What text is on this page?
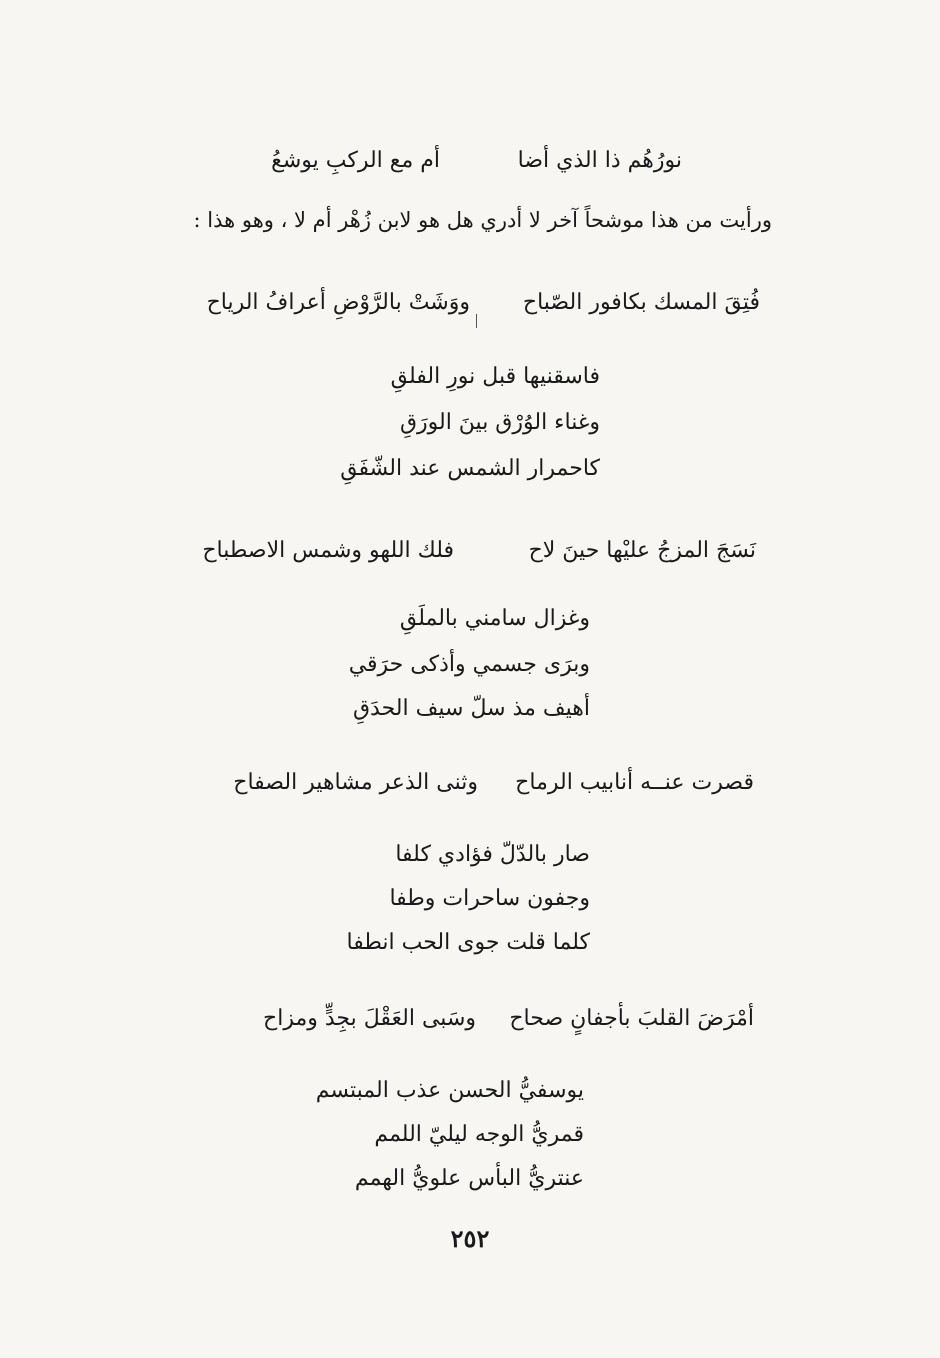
نورُهُم ذا الذي أضا
أم مع الركبِ يوشعُ
ورأيت من هذا موشحاً آخر لا أدري هل هو لابن زُهْر أم لا ، وهو هذا :
فُتِقَ المسك بكافور الصّباح
ووَشَتْ بالرَّوْضِ أعرافُ الرياح
فاسقنيها قبل نورِ الفلقِ
وغناء الوُرْق بينَ الورَقِ
كاحمرار الشمس عند الشّفَقِ
نَسَجَ المزجُ عليْها حينَ لاح
فلك اللهو وشمس الاصطباح
وغزال سامني بالملَقِ
وبرَى جسمي وأذكى حرَقي
أهيف مذ سلّ سيف الحدَقِ
قصرت عنــه أنابيب الرماح
وثنى الذعر مشاهير الصفاح
صار بالدّلّ فؤادي كلفا
وجفون ساحرات وطفا
كلما قلت جوى الحب انطفا
أمْرَضَ القلبَ بأجفانٍ صحاح
وسَبى العَقْلَ بجِدٍّ ومزاح
يوسفيُّ الحسن عذب المبتسم
قمريُّ الوجه ليليّ اللمم
عنتريُّ البأس علويُّ الهمم
٢٥٢
